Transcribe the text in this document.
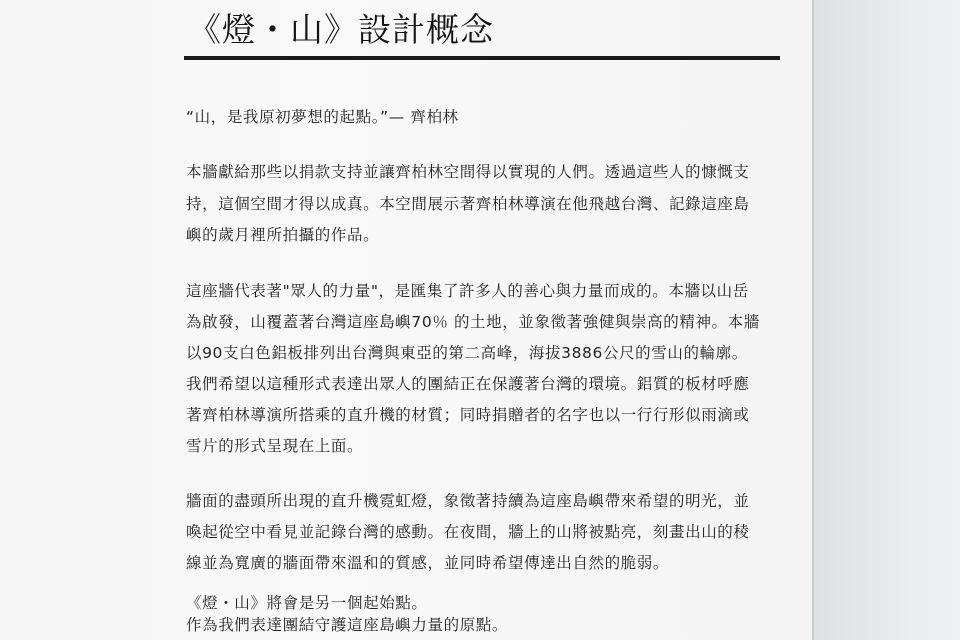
《燈・山》設計概念
“山，是我原初夢想的起點。”— 齊柏林
本牆獻給那些以捐款支持並讓齊柏林空間得以實現的人們。透過這些人的慷慨支
持，這個空間才得以成真。本空間展示著齊柏林導演在他飛越台灣、記錄這座島
嶼的歲月裡所拍攝的作品。
這座牆代表著"眾人的力量"，是匯集了許多人的善心與力量而成的。本牆以山岳
為啟發，山覆蓋著台灣這座島嶼70％ 的土地，並象徵著強健與崇高的精神。本牆
以90支白色鋁板排列出台灣與東亞的第二高峰，海拔3886公尺的雪山的輪廓。
我們希望以這種形式表達出眾人的團結正在保護著台灣的環境。鋁質的板材呼應
著齊柏林導演所搭乘的直升機的材質；同時捐贈者的名字也以一行行形似雨滴或
雪片的形式呈現在上面。
牆面的盡頭所出現的直升機霓虹燈，象徵著持續為這座島嶼帶來希望的明光，並
喚起從空中看見並記錄台灣的感動。在夜間，牆上的山將被點亮，刻畫出山的稜
線並為寬廣的牆面帶來溫和的質感，並同時希望傳達出自然的脆弱。
《燈・山》將會是另一個起始點。
作為我們表達團結守護這座島嶼力量的原點。
